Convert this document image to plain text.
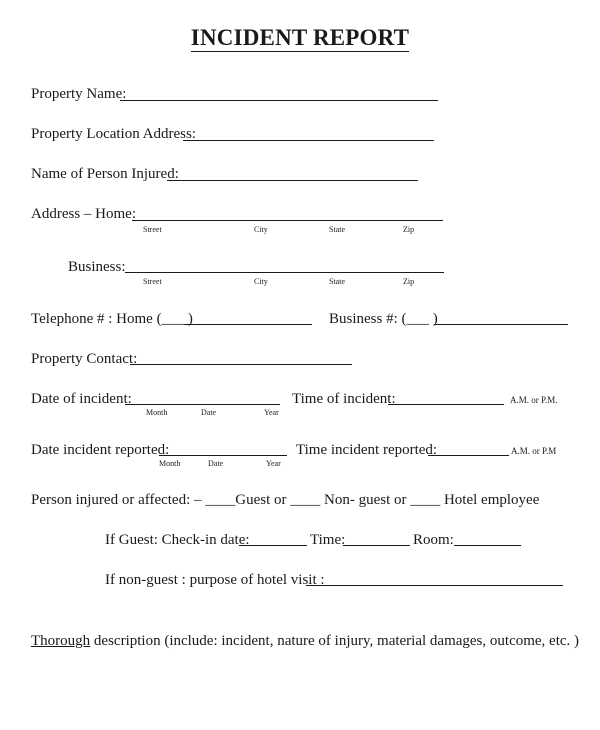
INCIDENT REPORT
Property Name:
Property Location Address:
Name of Person Injured:
Address – Home:
Street	City	State	Zip
Business:
Street	City	State	Zip
Telephone # : Home (___ )	Business #: (___ )
Property Contact:
Date of incident:
Month	Date	Year
Time of incident:	A.M. or P.M.
Date incident reported:
Month	Date	Year
Time incident reported:	A.M. or P.M
Person injured or affected: – ____Guest or ____ Non- guest or ____ Hotel employee
If Guest: Check-in date:	Time:	Room:
If non-guest : purpose of hotel visit :
Thorough description (include: incident, nature of injury, material damages, outcome, etc. )
